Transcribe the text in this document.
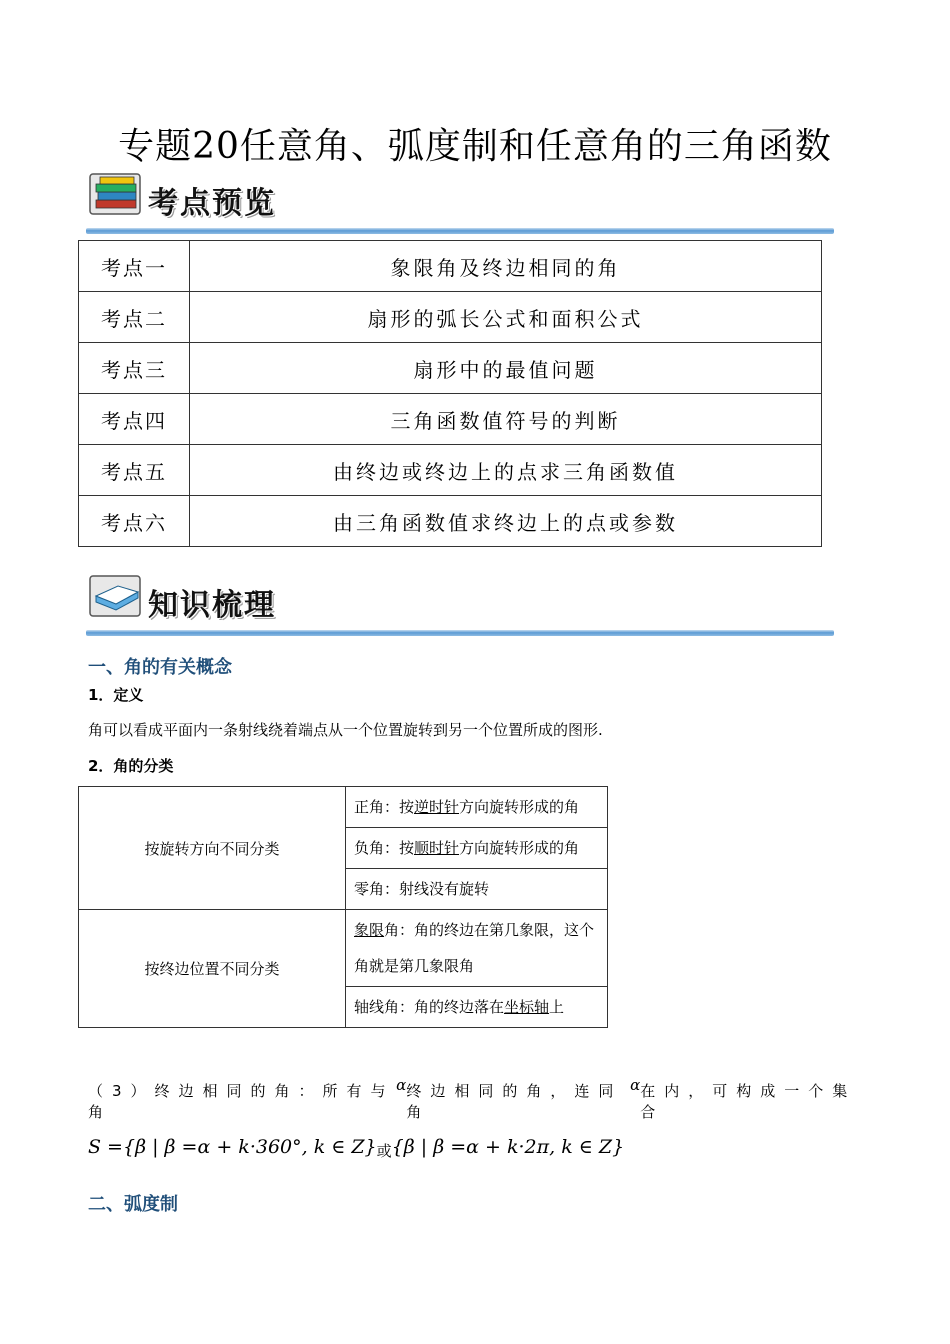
专题20任意角、弧度制和任意角的三角函数
考点预览
考点一	象限角及终边相同的角
考点二	扇形的弧长公式和面积公式
考点三	扇形中的最值问题
考点四	三角函数值符号的判断
考点五	由终边或终边上的点求三角函数值
考点六	由三角函数值求终边上的点或参数
知识梳理
一、角的有关概念
1．定义
角可以看成平面内一条射线绕着端点从一个位置旋转到另一个位置所成的图形.
2．角的分类
按旋转方向不同分类	正角：按逆时针方向旋转形成的角
	负角：按顺时针方向旋转形成的角
	零角：射线没有旋转
按终边位置不同分类	象限角：角的终边在第几象限，这个角就是第几象限角
	轴线角：角的终边落在坐标轴上
（3）终边相同的角：所有与角
α 终边相同的角，连同角
α 在内，可构成一个集合
S ={β | β =α + k·360°, k ∈ Z}或{β | β =α + k·2π, k ∈ Z}
二、弧度制
